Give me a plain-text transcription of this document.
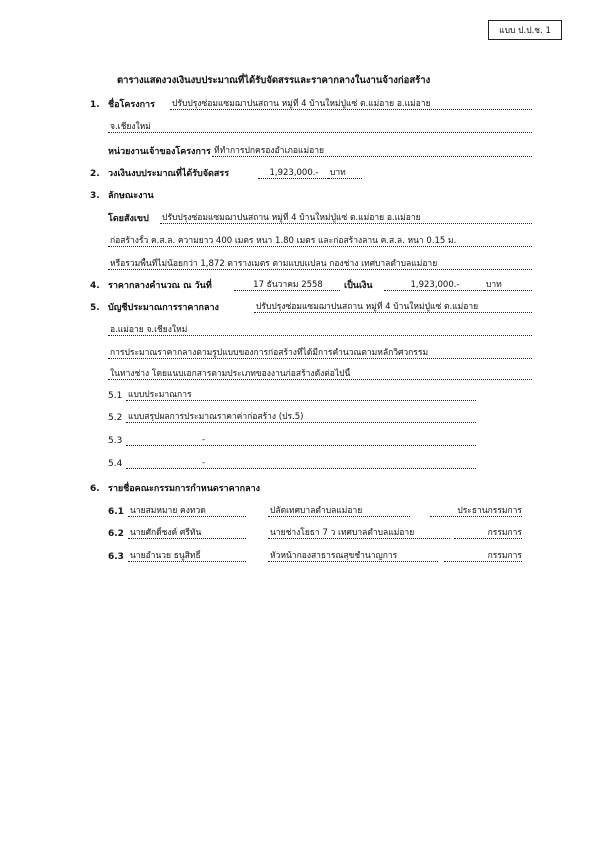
แบบ ป.ป.ช. 1
ตารางแสดงวงเงินงบประมาณที่ได้รับจัดสรรและราคากลางในงานจ้างก่อสร้าง
1. ชื่อโครงการ ปรับปรุงซ่อมแซมฌาปนสถาน หมู่ที่ 4 บ้านใหม่ปู่แซ่ ต.แม่อาย อ.แม่อาย
จ.เชียงใหม่
หน่วยงานเจ้าของโครงการ ที่ทำการปกครองอำเภอแม่อาย
2. วงเงินงบประมาณที่ได้รับจัดสรร	1,923,000.-	บาท
3. ลักษณะงาน
โดยสังเขป ปรับปรุงซ่อมแซมฌาปนสถาน หมู่ที่ 4 บ้านใหม่ปู่แซ่ ต.แม่อาย อ.แม่อาย
ก่อสร้างรั้ว ค.ส.ล. ความยาว 400 เมตร หนา 1.80 เมตร และก่อสร้างลาน ค.ส.ล. หนา 0.15 ม.
หรือรวมพื้นที่ไม่น้อยกว่า 1,872 ตารางเมตร ตามแบบแปลน กองช่าง เทศบาลตำบลแม่อาย
4. ราคากลางคำนวณ ณ วันที่	17 ธันวาคม 2558	เป็นเงิน	1,923,000.-	บาท
5. บัญชีประมาณการราคากลาง	ปรับปรุงซ่อมแซมฌาปนสถาน หมู่ที่ 4 บ้านใหม่ปู่แซ่ ต.แม่อาย
อ.แม่อาย จ.เชียงใหม่
การประมาณราคากลางตามรูปแบบของการก่อสร้างที่ได้มีการคำนวณตามหลักวิศวกรรม
ในทางช่าง โดยแนบเอกสารตามประเภทของงานก่อสร้างดังต่อไปนี้
5.1 แบบประมาณการ
5.2 แบบสรุปผลการประมาณราคาค่าก่อสร้าง (ปร.5)
5.3	-
5.4	-
6. รายชื่อคณะกรรมการกำหนดราคากลาง
6.1 นายสมหมาย คงทวด	ปลัดเทศบาลตำบลแม่อาย	ประธานกรรมการ
6.2 นายศักดิ์ชงค์ ศรีทัน	นายช่างโยธา 7 ว เทศบาลตำบลแม่อาย	กรรมการ
6.3 นายอำนวย ธนูสิทธิ์	หัวหน้ากองสาธารณสุขชำนาญการ	กรรมการ
